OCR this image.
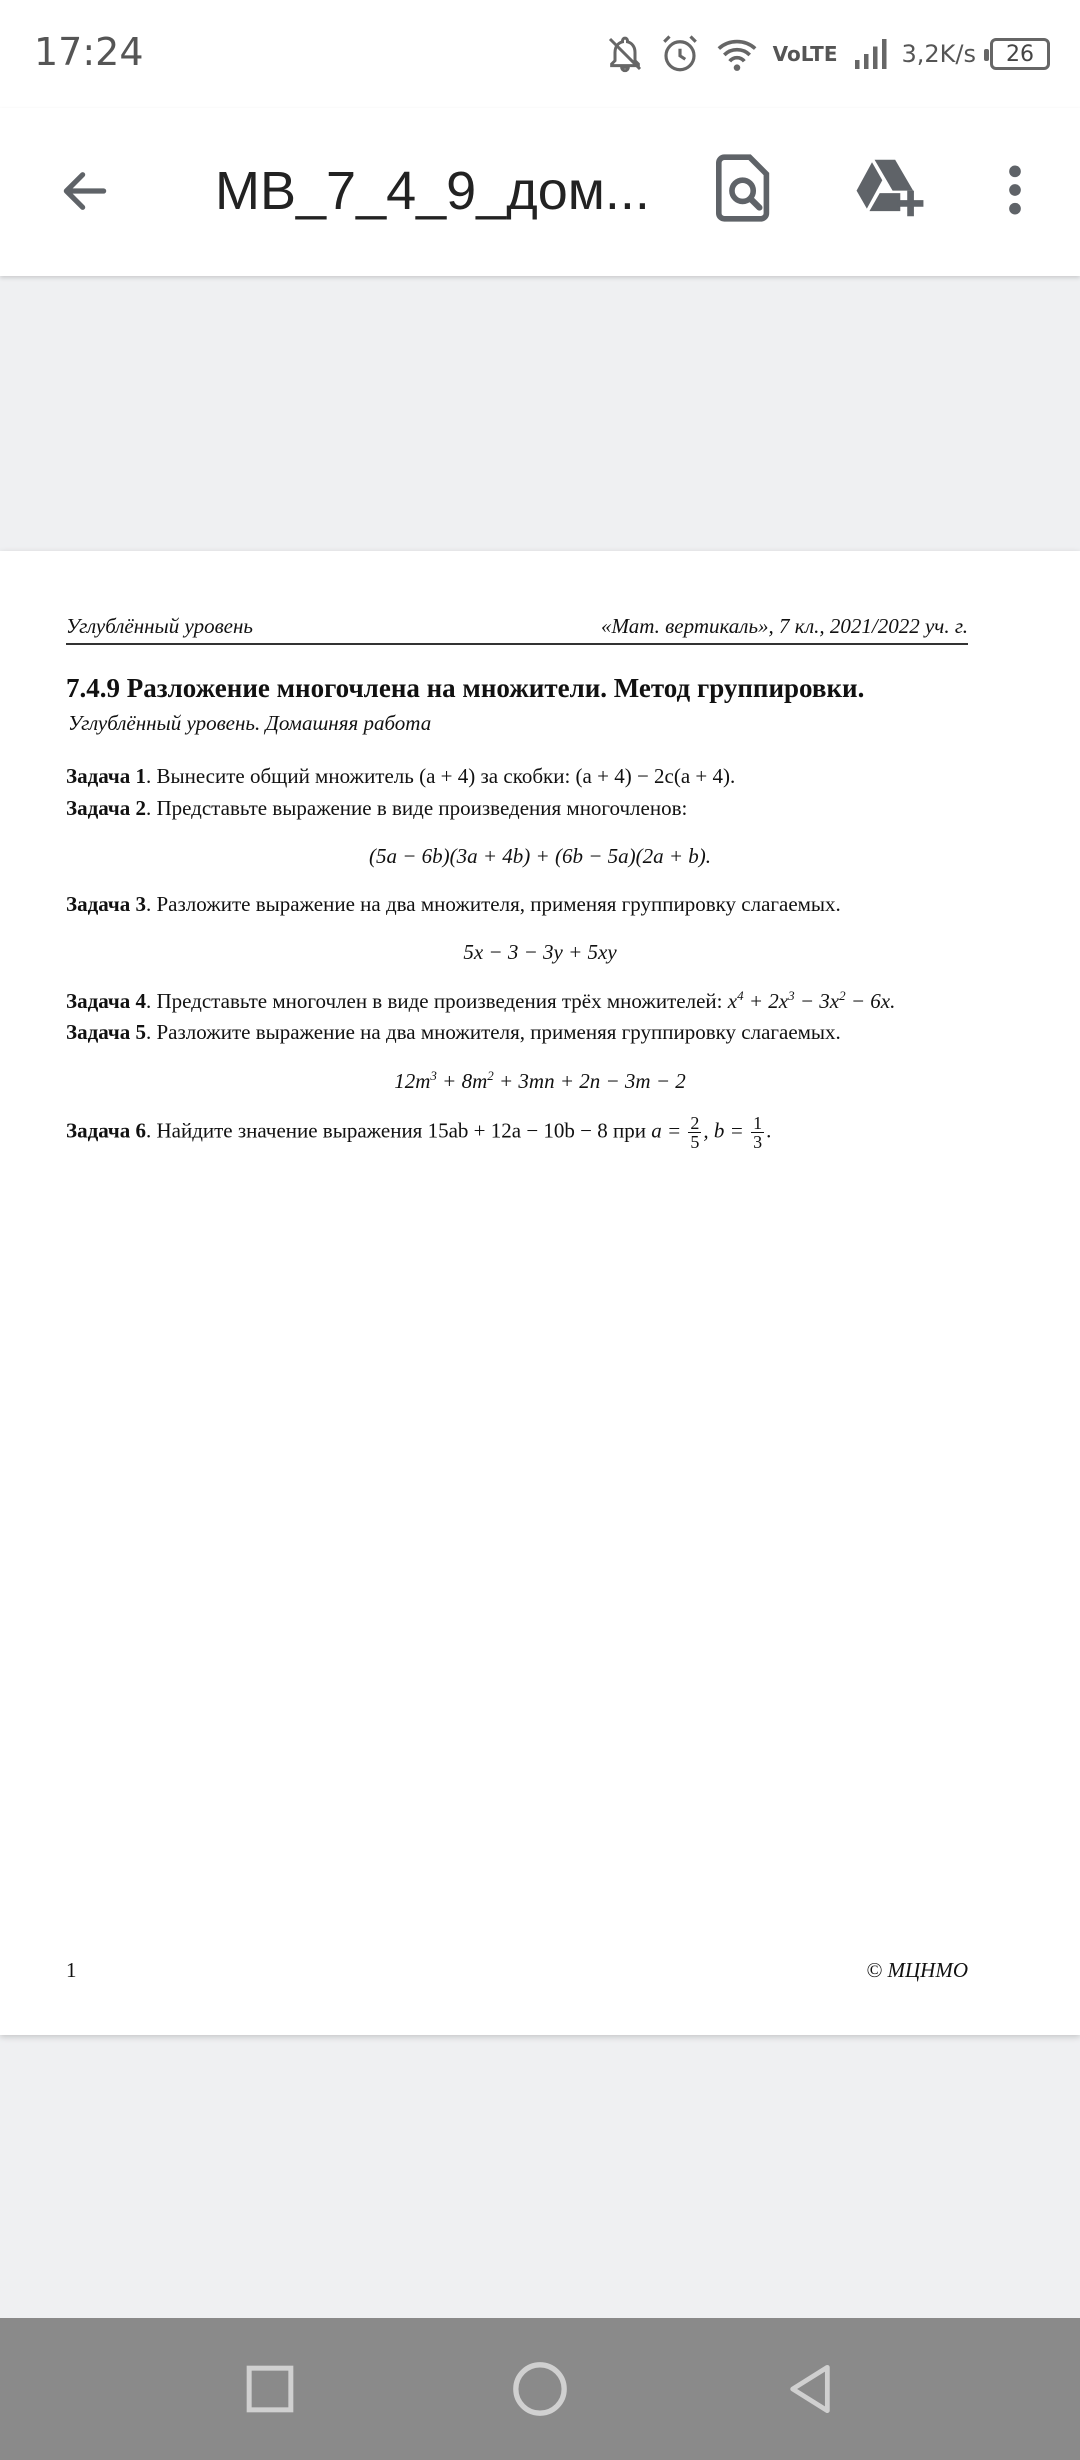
17:24	Vo LTE	3,2 K/s	26
МВ_7_4_9_дом...
Углублённый уровень	«Мат. вертикаль», 7 кл., 2021/2022 уч. г.
7.4.9 Разложение многочлена на множители. Метод группировки.
Углублённый уровень. Домашняя работа
Задача 1. Вынесите общий множитель (a + 4) за скобки: (a + 4) − 2c(a + 4).
Задача 2. Представьте выражение в виде произведения многочленов:
(5a − 6b)(3a + 4b) + (6b − 5a)(2a + b).
Задача 3. Разложите выражение на два множителя, применяя группировку слагаемых.
5x − 3 − 3y + 5xy
Задача 4. Представьте многочлен в виде произведения трёх множителей: $x^4 + 2x^3 - 3x^2 - 6x$.
Задача 5. Разложите выражение на два множителя, применяя группировку слагаемых.
$12m^3 + 8m^2 + 3mn + 2n - 3m - 2$
Задача 6. Найдите значение выражения 15ab + 12a − 10b − 8 при $a = \frac{2}{5}$ , $b = \frac{1}{3}$ .
1	© МЦНМО
